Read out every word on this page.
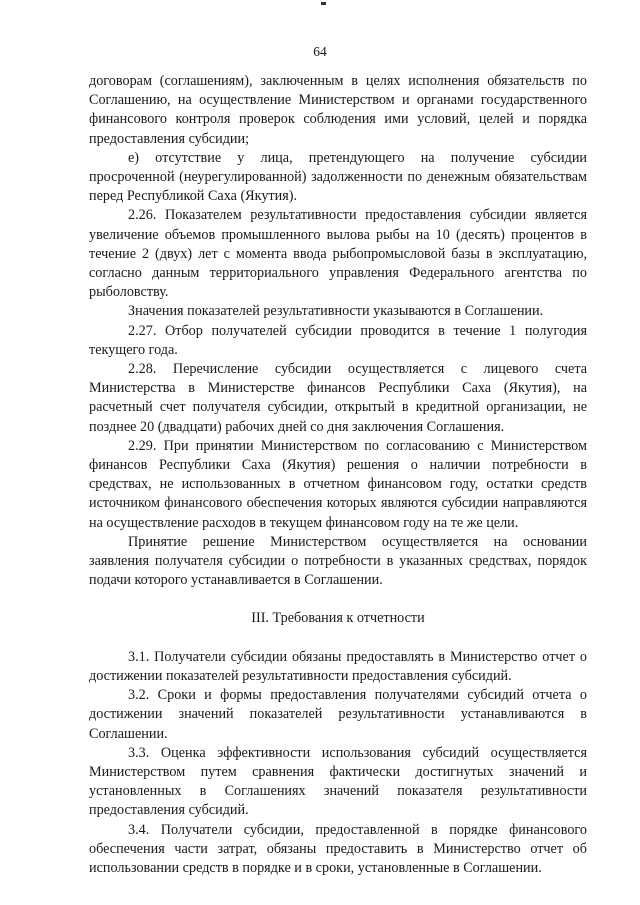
64

договорам (соглашениям), заключенным в целях исполнения обязательств по Соглашению, на осуществление Министерством и органами государственного финансового контроля проверок соблюдения ими условий, целей и порядка предоставления субсидии;

е) отсутствие у лица, претендующего на получение субсидии просроченной (неурегулированной) задолженности по денежным обязательствам перед Республикой Саха (Якутия).

2.26. Показателем результативности предоставления субсидии является увеличение объемов промышленного вылова рыбы на 10 (десять) процентов в течение 2 (двух) лет с момента ввода рыбопромысловой базы в эксплуатацию, согласно данным территориального управления Федерального агентства по рыболовству.

Значения показателей результативности указываются в Соглашении.

2.27. Отбор получателей субсидии проводится в течение 1 полугодия текущего года.

2.28. Перечисление субсидии осуществляется с лицевого счета Министерства в Министерстве финансов Республики Саха (Якутия), на расчетный счет получателя субсидии, открытый в кредитной организации, не позднее 20 (двадцати) рабочих дней со дня заключения Соглашения.

2.29. При принятии Министерством по согласованию с Министерством финансов Республики Саха (Якутия) решения о наличии потребности в средствах, не использованных в отчетном финансовом году, остатки средств источником финансового обеспечения которых являются субсидии направляются на осуществление расходов в текущем финансовом году на те же цели.

Принятие решение Министерством осуществляется на основании заявления получателя субсидии о потребности в указанных средствах, порядок подачи которого устанавливается в Соглашении.

III. Требования к отчетности

3.1. Получатели субсидии обязаны предоставлять в Министерство отчет о достижении показателей результативности предоставления субсидий.

3.2. Сроки и формы предоставления получателями субсидий отчета о достижении значений показателей результативности устанавливаются в Соглашении.

3.3. Оценка эффективности использования субсидий осуществляется Министерством путем сравнения фактически достигнутых значений и установленных в Соглашениях значений показателя результативности предоставления субсидий.

3.4. Получатели субсидии, предоставленной в порядке финансового обеспечения части затрат, обязаны предоставить в Министерство отчет об использовании средств в порядке и в сроки, установленные в Соглашении.
